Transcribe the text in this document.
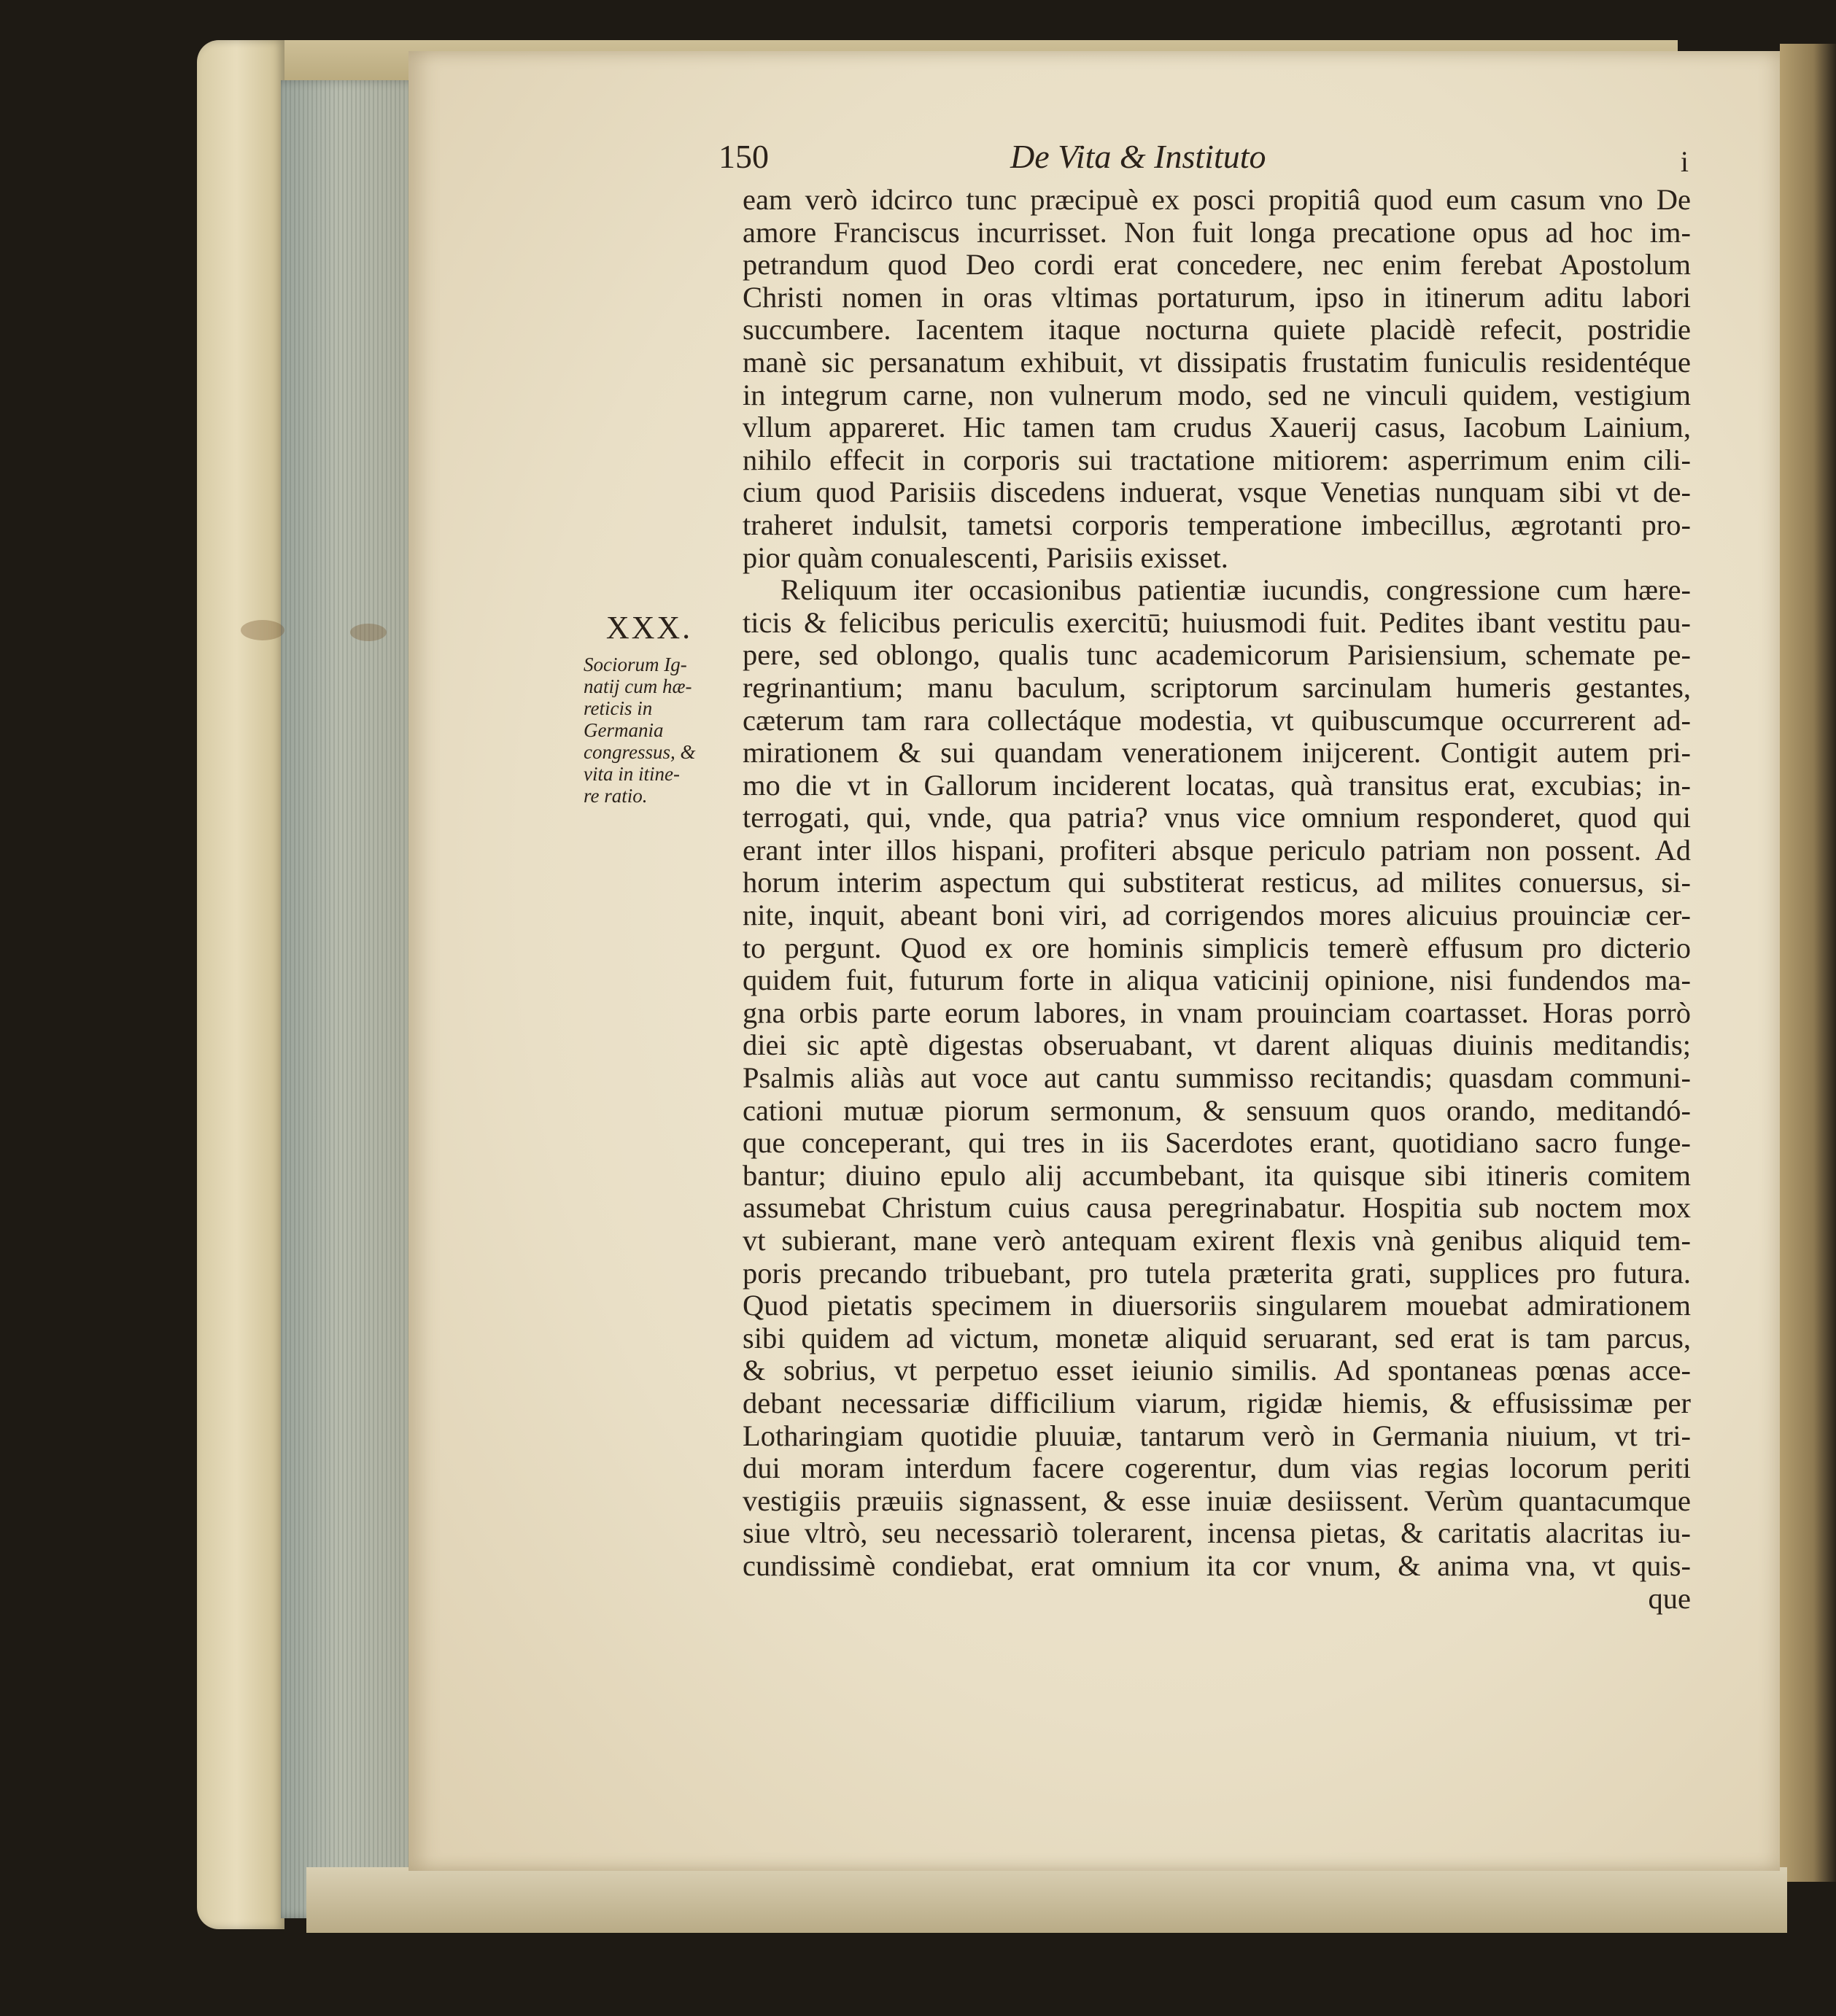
150	De Vita & Instituto	i
XXX.
Sociorum Ig-
natij cum hæ-
reticis in
Germania
congressus, &
vita in itine-
re ratio.
eam verò idcirco tunc præcipuè ex posci propitiâ quod eum casum vno De
amore Franciscus incurrisset. Non fuit longa precatione opus ad hoc im-
petrandum quod Deo cordi erat concedere, nec enim ferebat Apostolum
Christi nomen in oras vltimas portaturum, ipso in itinerum aditu labori
succumbere. Iacentem itaque nocturna quiete placidè refecit, postridie
manè sic persanatum exhibuit, vt dissipatis frustatim funiculis residentéque
in integrum carne, non vulnerum modo, sed ne vinculi quidem, vestigium
vllum appareret. Hic tamen tam crudus Xauerij casus, Iacobum Lainium,
nihilo effecit in corporis sui tractatione mitiorem: asperrimum enim cili-
cium quod Parisiis discedens induerat, vsque Venetias nunquam sibi vt de-
traheret indulsit, tametsi corporis temperatione imbecillus, ægrotanti pro-
pior quàm conualescenti, Parisiis exisset.
Reliquum iter occasionibus patientiæ iucundis, congressione cum hære-
ticis & felicibus periculis exercitū; huiusmodi fuit. Pedites ibant vestitu pau-
pere, sed oblongo, qualis tunc academicorum Parisiensium, schemate pe-
regrinantium; manu baculum, scriptorum sarcinulam humeris gestantes,
cæterum tam rara collectáque modestia, vt quibuscumque occurrerent ad-
mirationem & sui quandam venerationem inijcerent. Contigit autem pri-
mo die vt in Gallorum inciderent locatas, quà transitus erat, excubias; in-
terrogati, qui, vnde, qua patria? vnus vice omnium responderet, quod qui
erant inter illos hispani, profiteri absque periculo patriam non possent. Ad
horum interim aspectum qui substiterat resticus, ad milites conuersus, si-
nite, inquit, abeant boni viri, ad corrigendos mores alicuius prouinciæ cer-
to pergunt. Quod ex ore hominis simplicis temerè effusum pro dicterio
quidem fuit, futurum forte in aliqua vaticinij opinione, nisi fundendos ma-
gna orbis parte eorum labores, in vnam prouinciam coartasset. Horas porrò
diei sic aptè digestas obseruabant, vt darent aliquas diuinis meditandis;
Psalmis aliàs aut voce aut cantu summisso recitandis; quasdam communi-
cationi mutuæ piorum sermonum, & sensuum quos orando, meditandó-
que conceperant, qui tres in iis Sacerdotes erant, quotidiano sacro funge-
bantur; diuino epulo alij accumbebant, ita quisque sibi itineris comitem
assumebat Christum cuius causa peregrinabatur. Hospitia sub noctem mox
vt subierant, mane verò antequam exirent flexis vnà genibus aliquid tem-
poris precando tribuebant, pro tutela præterita grati, supplices pro futura.
Quod pietatis specimem in diuersoriis singularem mouebat admirationem
sibi quidem ad victum, monetæ aliquid seruarant, sed erat is tam parcus,
& sobrius, vt perpetuo esset ieiunio similis. Ad spontaneas pœnas acce-
debant necessariæ difficilium viarum, rigidæ hiemis, & effusissimæ per
Lotharingiam quotidie pluuiæ, tantarum verò in Germania niuium, vt tri-
dui moram interdum facere cogerentur, dum vias regias locorum periti
vestigiis præuiis signassent, & esse inuiæ desiissent. Verùm quantacumque
siue vltrò, seu necessariò tolerarent, incensa pietas, & caritatis alacritas iu-
cundissimè condiebat, erat omnium ita cor vnum, & anima vna, vt quis-
que
